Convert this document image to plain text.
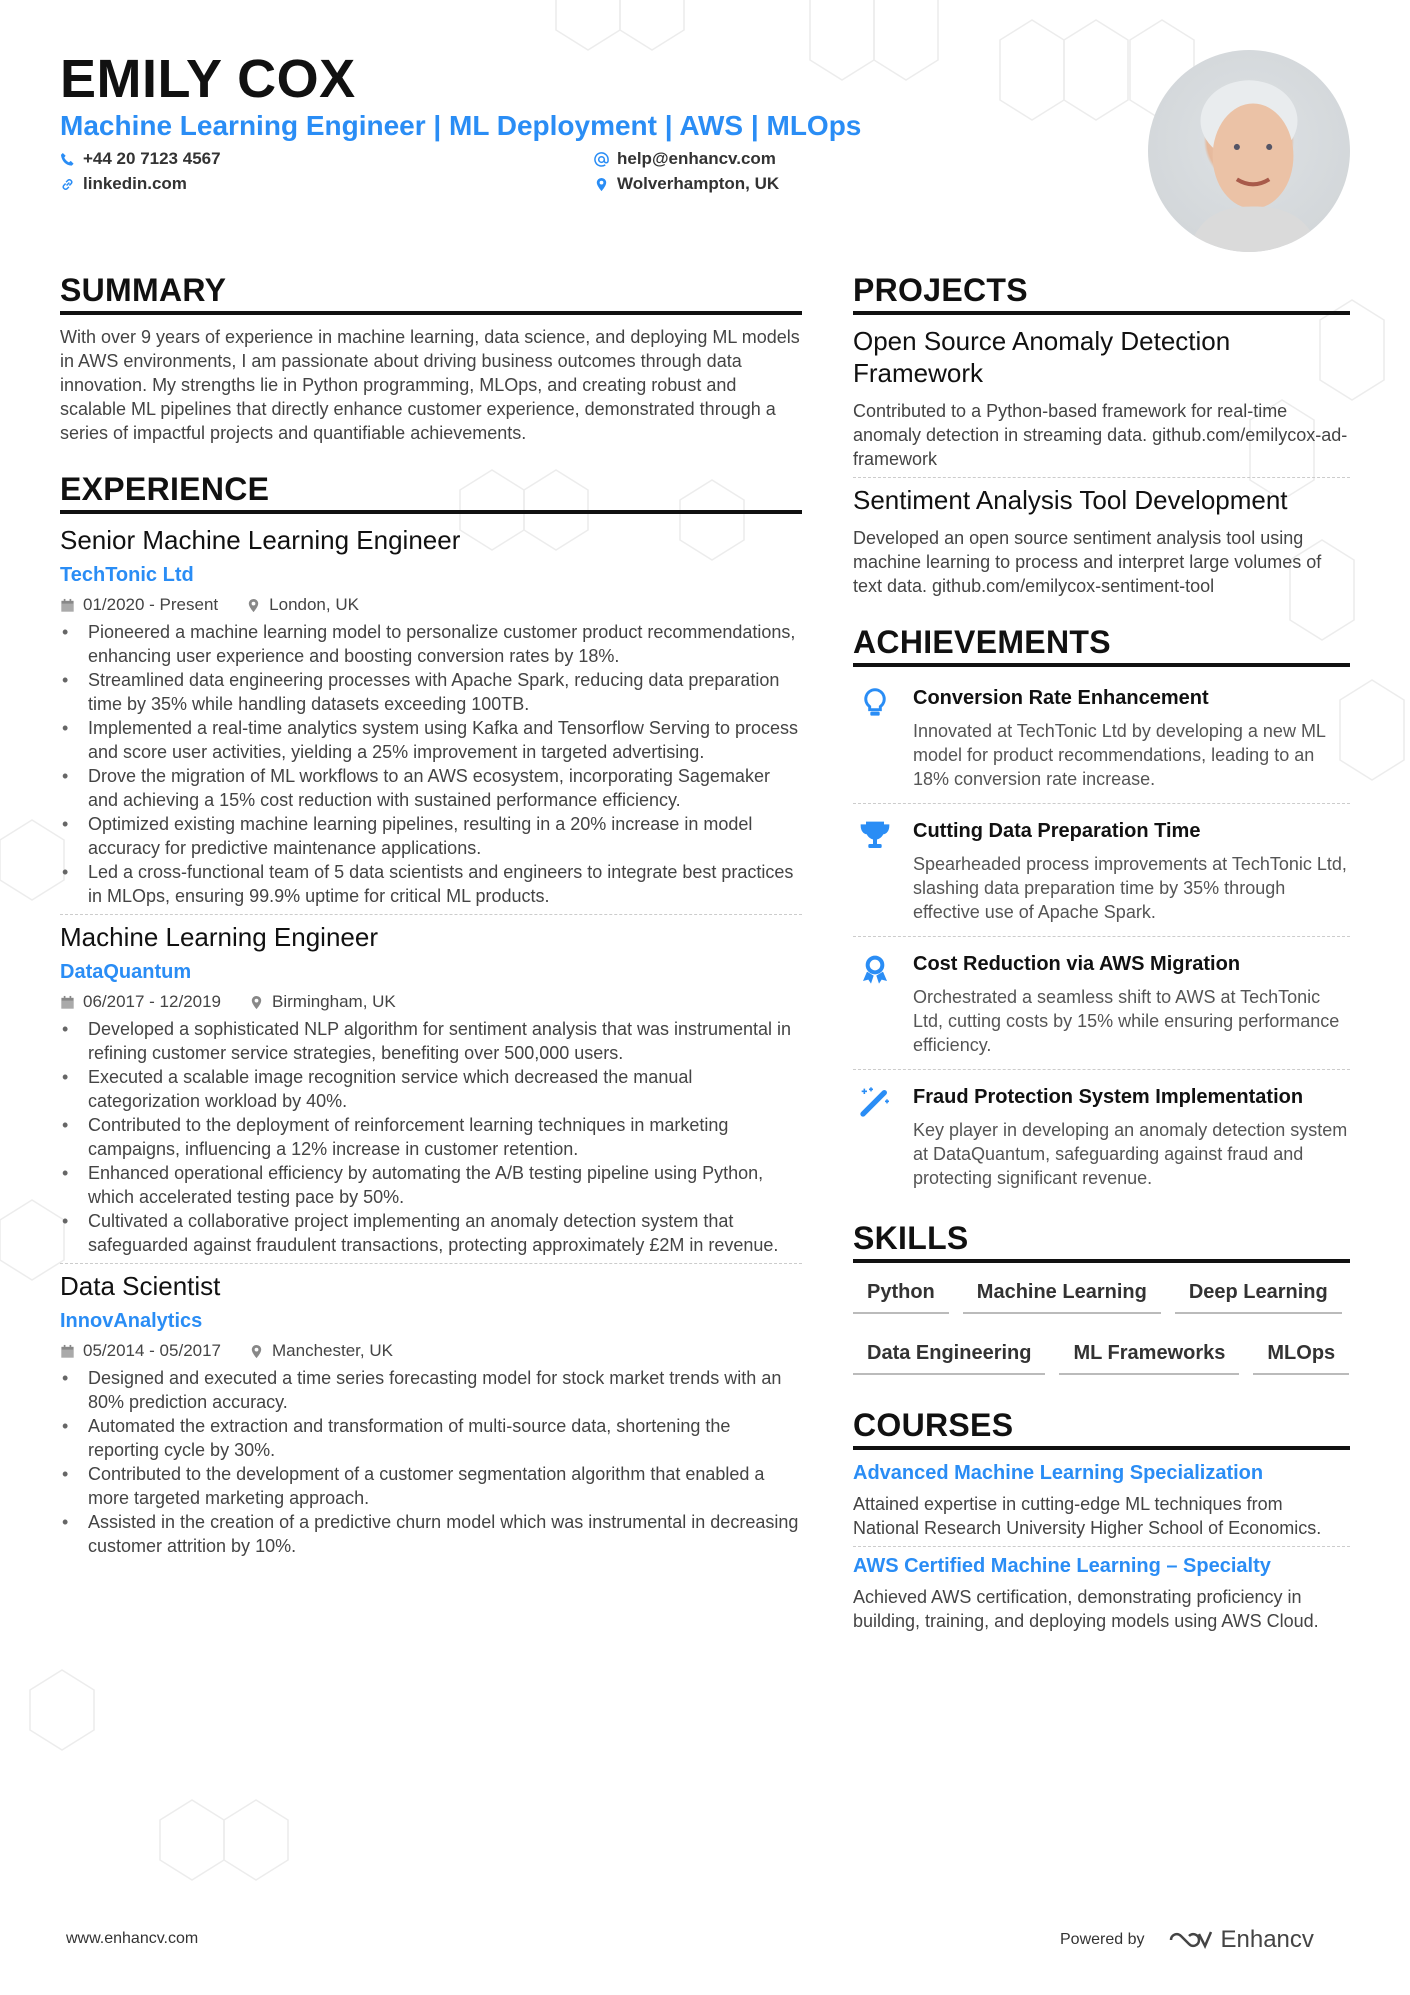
EMILY COX
Machine Learning Engineer | ML Deployment | AWS | MLOps
+44 20 7123 4567	help@enhancv.com
linkedin.com	Wolverhampton, UK
SUMMARY

With over 9 years of experience in machine learning, data science, and deploying ML models in AWS environments, I am passionate about driving business outcomes through data innovation. My strengths lie in Python programming, MLOps, and creating robust and scalable ML pipelines that directly enhance customer experience, demonstrated through a series of impactful projects and quantifiable achievements.

EXPERIENCE
Senior Machine Learning Engineer
TechTonic Ltd
01/2020 - Present	London, UK
• Pioneered a machine learning model to personalize customer product recommendations, enhancing user experience and boosting conversion rates by 18%.
• Streamlined data engineering processes with Apache Spark, reducing data preparation time by 35% while handling datasets exceeding 100TB.
• Implemented a real-time analytics system using Kafka and Tensorflow Serving to process and score user activities, yielding a 25% improvement in targeted advertising.
• Drove the migration of ML workflows to an AWS ecosystem, incorporating Sagemaker and achieving a 15% cost reduction with sustained performance efficiency.
• Optimized existing machine learning pipelines, resulting in a 20% increase in model accuracy for predictive maintenance applications.
• Led a cross-functional team of 5 data scientists and engineers to integrate best practices in MLOps, ensuring 99.9% uptime for critical ML products.
Machine Learning Engineer
DataQuantum
06/2017 - 12/2019	Birmingham, UK
• Developed a sophisticated NLP algorithm for sentiment analysis that was instrumental in refining customer service strategies, benefiting over 500,000 users.
• Executed a scalable image recognition service which decreased the manual categorization workload by 40%.
• Contributed to the deployment of reinforcement learning techniques in marketing campaigns, influencing a 12% increase in customer retention.
• Enhanced operational efficiency by automating the A/B testing pipeline using Python, which accelerated testing pace by 50%.
• Cultivated a collaborative project implementing an anomaly detection system that safeguarded against fraudulent transactions, protecting approximately £2M in revenue.
Data Scientist
InnovAnalytics
05/2014 - 05/2017	Manchester, UK
• Designed and executed a time series forecasting model for stock market trends with an 80% prediction accuracy.
• Automated the extraction and transformation of multi-source data, shortening the reporting cycle by 30%.
• Contributed to the development of a customer segmentation algorithm that enabled a more targeted marketing approach.
• Assisted in the creation of a predictive churn model which was instrumental in decreasing customer attrition by 10%.
PROJECTS
Open Source Anomaly Detection Framework

Contributed to a Python-based framework for real-time anomaly detection in streaming data. github.com/emilycox-ad-framework

Sentiment Analysis Tool Development

Developed an open source sentiment analysis tool using machine learning to process and interpret large volumes of text data. github.com/emilycox-sentiment-tool

ACHIEVEMENTS
Conversion Rate Enhancement
Innovated at TechTonic Ltd by developing a new ML model for product recommendations, leading to an 18% conversion rate increase.
Cutting Data Preparation Time
Spearheaded process improvements at TechTonic Ltd, slashing data preparation time by 35% through effective use of Apache Spark.
Cost Reduction via AWS Migration
Orchestrated a seamless shift to AWS at TechTonic Ltd, cutting costs by 15% while ensuring performance efficiency.
Fraud Protection System Implementation
Key player in developing an anomaly detection system at DataQuantum, safeguarding against fraud and protecting significant revenue.
SKILLS
Python	Machine Learning	Deep Learning
Data Engineering	ML Frameworks	MLOps
COURSES
Advanced Machine Learning Specialization

Attained expertise in cutting-edge ML techniques from National Research University Higher School of Economics.

AWS Certified Machine Learning – Specialty

Achieved AWS certification, demonstrating proficiency in building, training, and deploying models using AWS Cloud.

www.enhancv.com	Powered by	Enhancv
